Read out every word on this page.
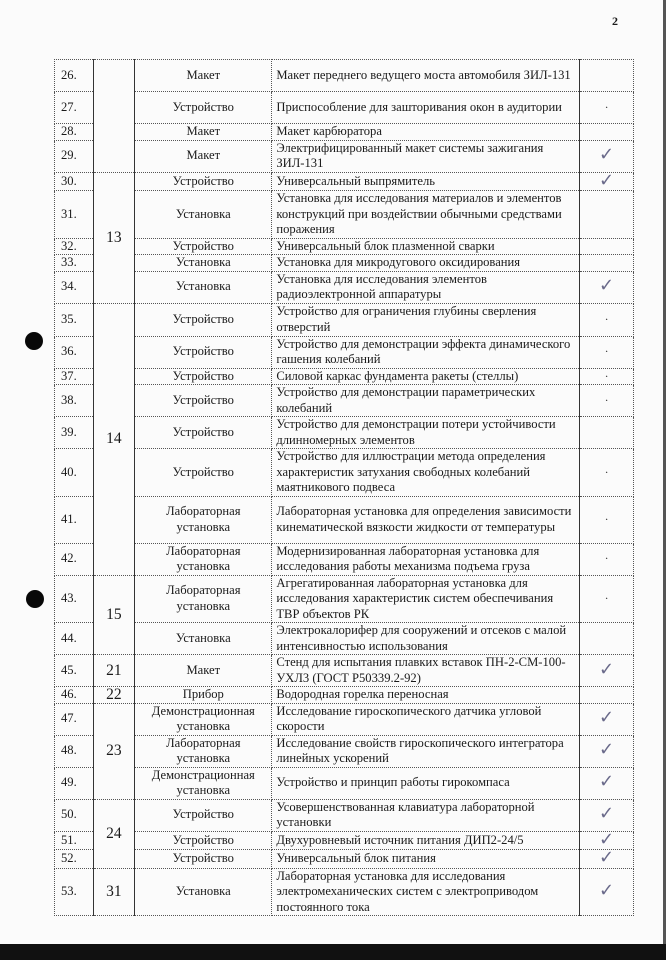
2
26.		Макет	Макет переднего ведущего моста автомобиля ЗИЛ-131	
27.		Устройство	Приспособление для зашторивания окон в аудитории	·
28.		Макет	Макет карбюратора	
29.		Макет	Электрифицированный макет системы зажигания ЗИЛ-131	✓
30.	13	Устройство	Универсальный выпрямитель	✓
31.		Установка	Установка для исследования материалов и элементов конструкций при воздействии обычными средствами поражения	
32.		Устройство	Универсальный блок плазменной сварки	
33.		Установка	Установка для микродугового оксидирования	
34.		Установка	Установка для исследования элементов радиоэлектронной аппаратуры	✓
35.	14	Устройство	Устройство для ограничения глубины сверления отверстий	·
36.		Устройство	Устройство для демонстрации эффекта динамического гашения колебаний	·
37.		Устройство	Силовой каркас фундамента ракеты (стеллы)	·
38.		Устройство	Устройство для демонстрации параметрических колебаний	·
39.		Устройство	Устройство для демонстрации потери устойчивости длинномерных элементов	
40.		Устройство	Устройство для иллюстрации метода определения характеристик затухания свободных колебаний маятникового подвеса	·
41.		Лабораторная установка	Лабораторная установка для определения зависимости кинематической вязкости жидкости от температуры	·
42.		Лабораторная установка	Модернизированная лабораторная установка для исследования работы механизма подъема груза	·
43.	15	Лабораторная установка	Агрегатированная лабораторная установка для исследования характеристик систем обеспечивания ТВР объектов РК	·
44.		Установка	Электрокалорифер для сооружений и отсеков с малой интенсивностью использования	
45.	21	Макет	Стенд для испытания плавких вставок ПН-2-СМ-100-УХЛ3 (ГОСТ Р50339.2-92)	✓
46.	22	Прибор	Водородная горелка переносная	
47.	23	Демонстрационная установка	Исследование гироскопического датчика угловой скорости	✓
48.		Лабораторная установка	Исследование свойств гироскопического интегратора линейных ускорений	✓
49.		Демонстрационная установка	Устройство и принцип работы гирокомпаса	✓
50.	24	Устройство	Усовершенствованная клавиатура лабораторной установки	✓
51.		Устройство	Двухуровневый источник питания ДИП2-24/5	✓
52.		Устройство	Универсальный блок питания	✓
53.	31	Установка	Лабораторная установка для исследования электромеханических систем с электроприводом постоянного тока	✓
